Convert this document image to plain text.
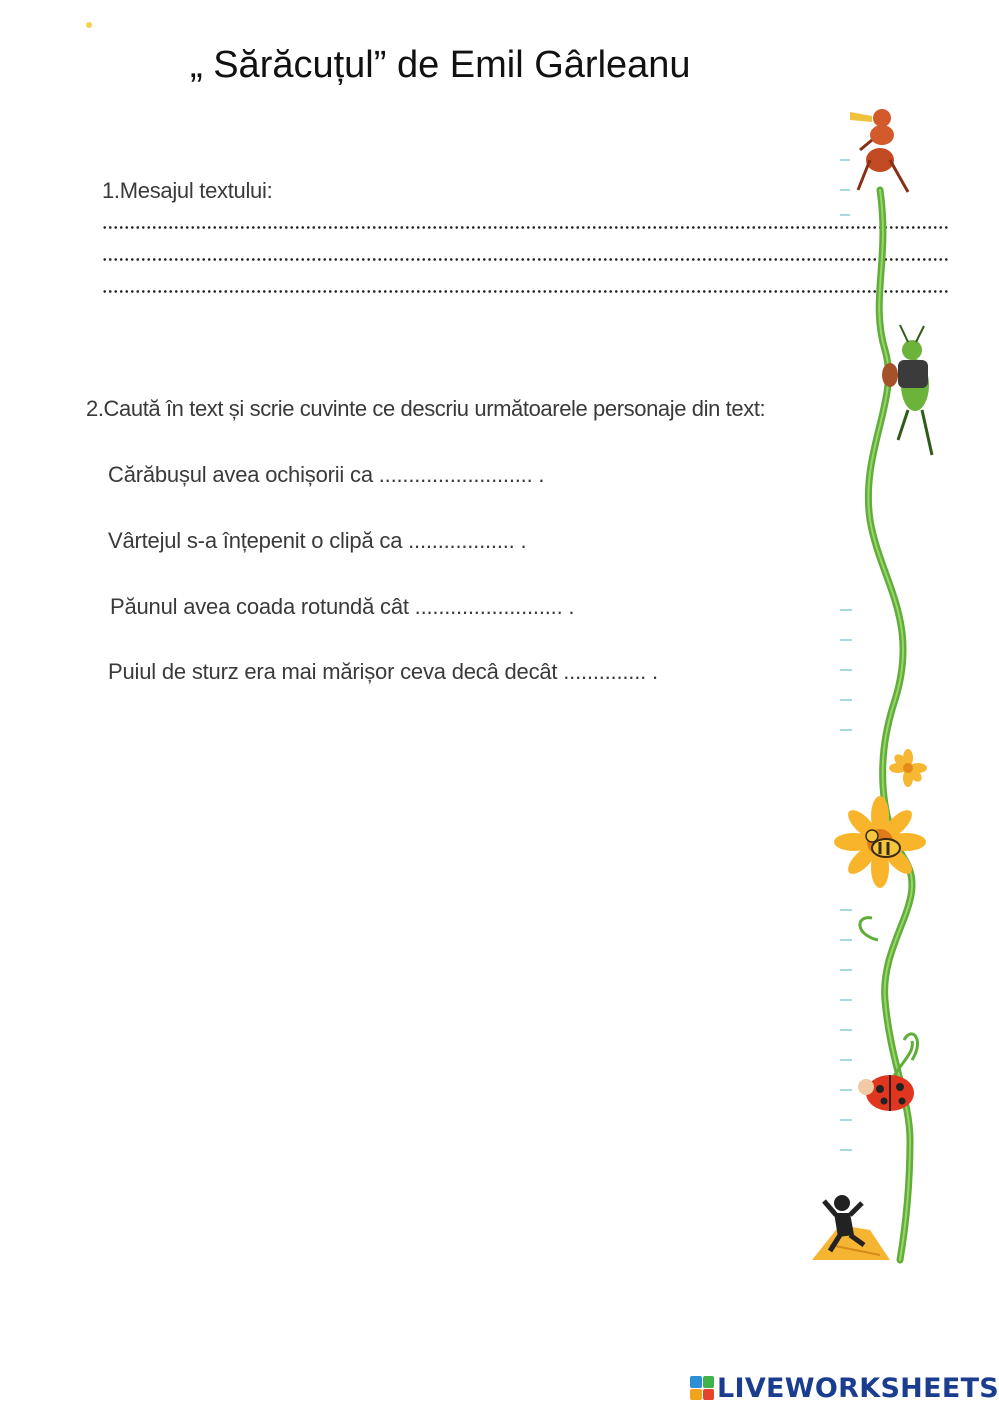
„ Sărăcuțul” de Emil Gârleanu
1.Mesajul textului:
2.Caută în text și scrie cuvinte ce descriu următoarele personaje din text:
Cărăbușul avea ochișorii ca .......................... .
Vârtejul s-a înțepenit o clipă ca .................. .
Păunul avea coada rotundă cât ......................... .
Puiul de sturz era mai mărișor ceva decâ decât .............. .
LIVEWORKSHEETS
